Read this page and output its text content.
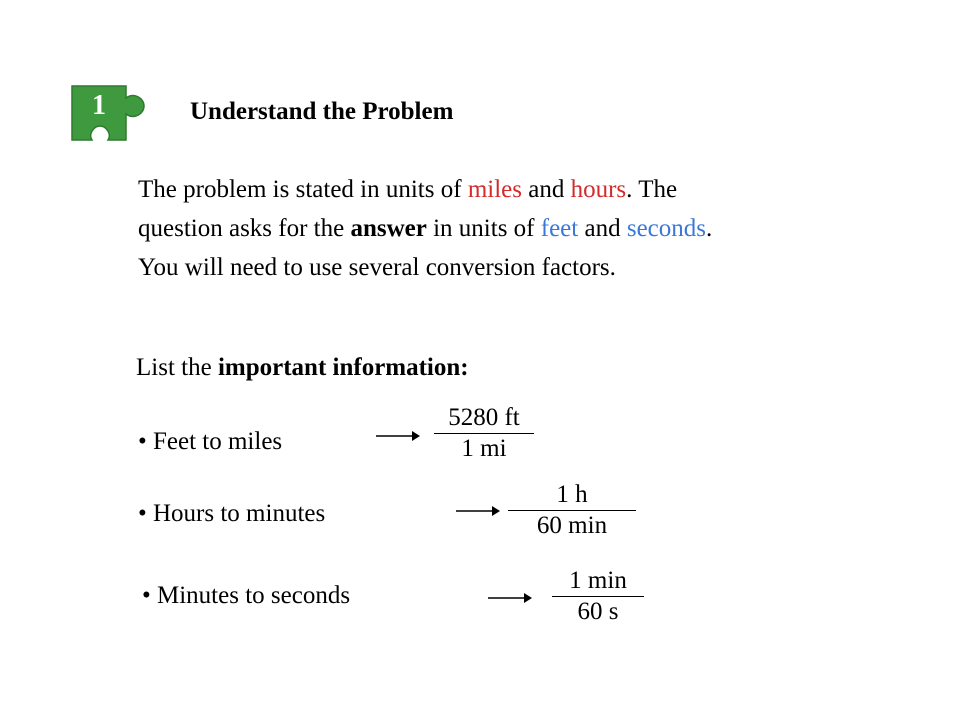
1	Understand the Problem
The problem is stated in units of miles and hours. The
question asks for the answer in units of feet and seconds.
You will need to use several conversion factors.
List the important information:
• Feet to miles
5280 ft
1 mi
• Hours to minutes
1 h
60 min
• Minutes to seconds
1 min
60 s
